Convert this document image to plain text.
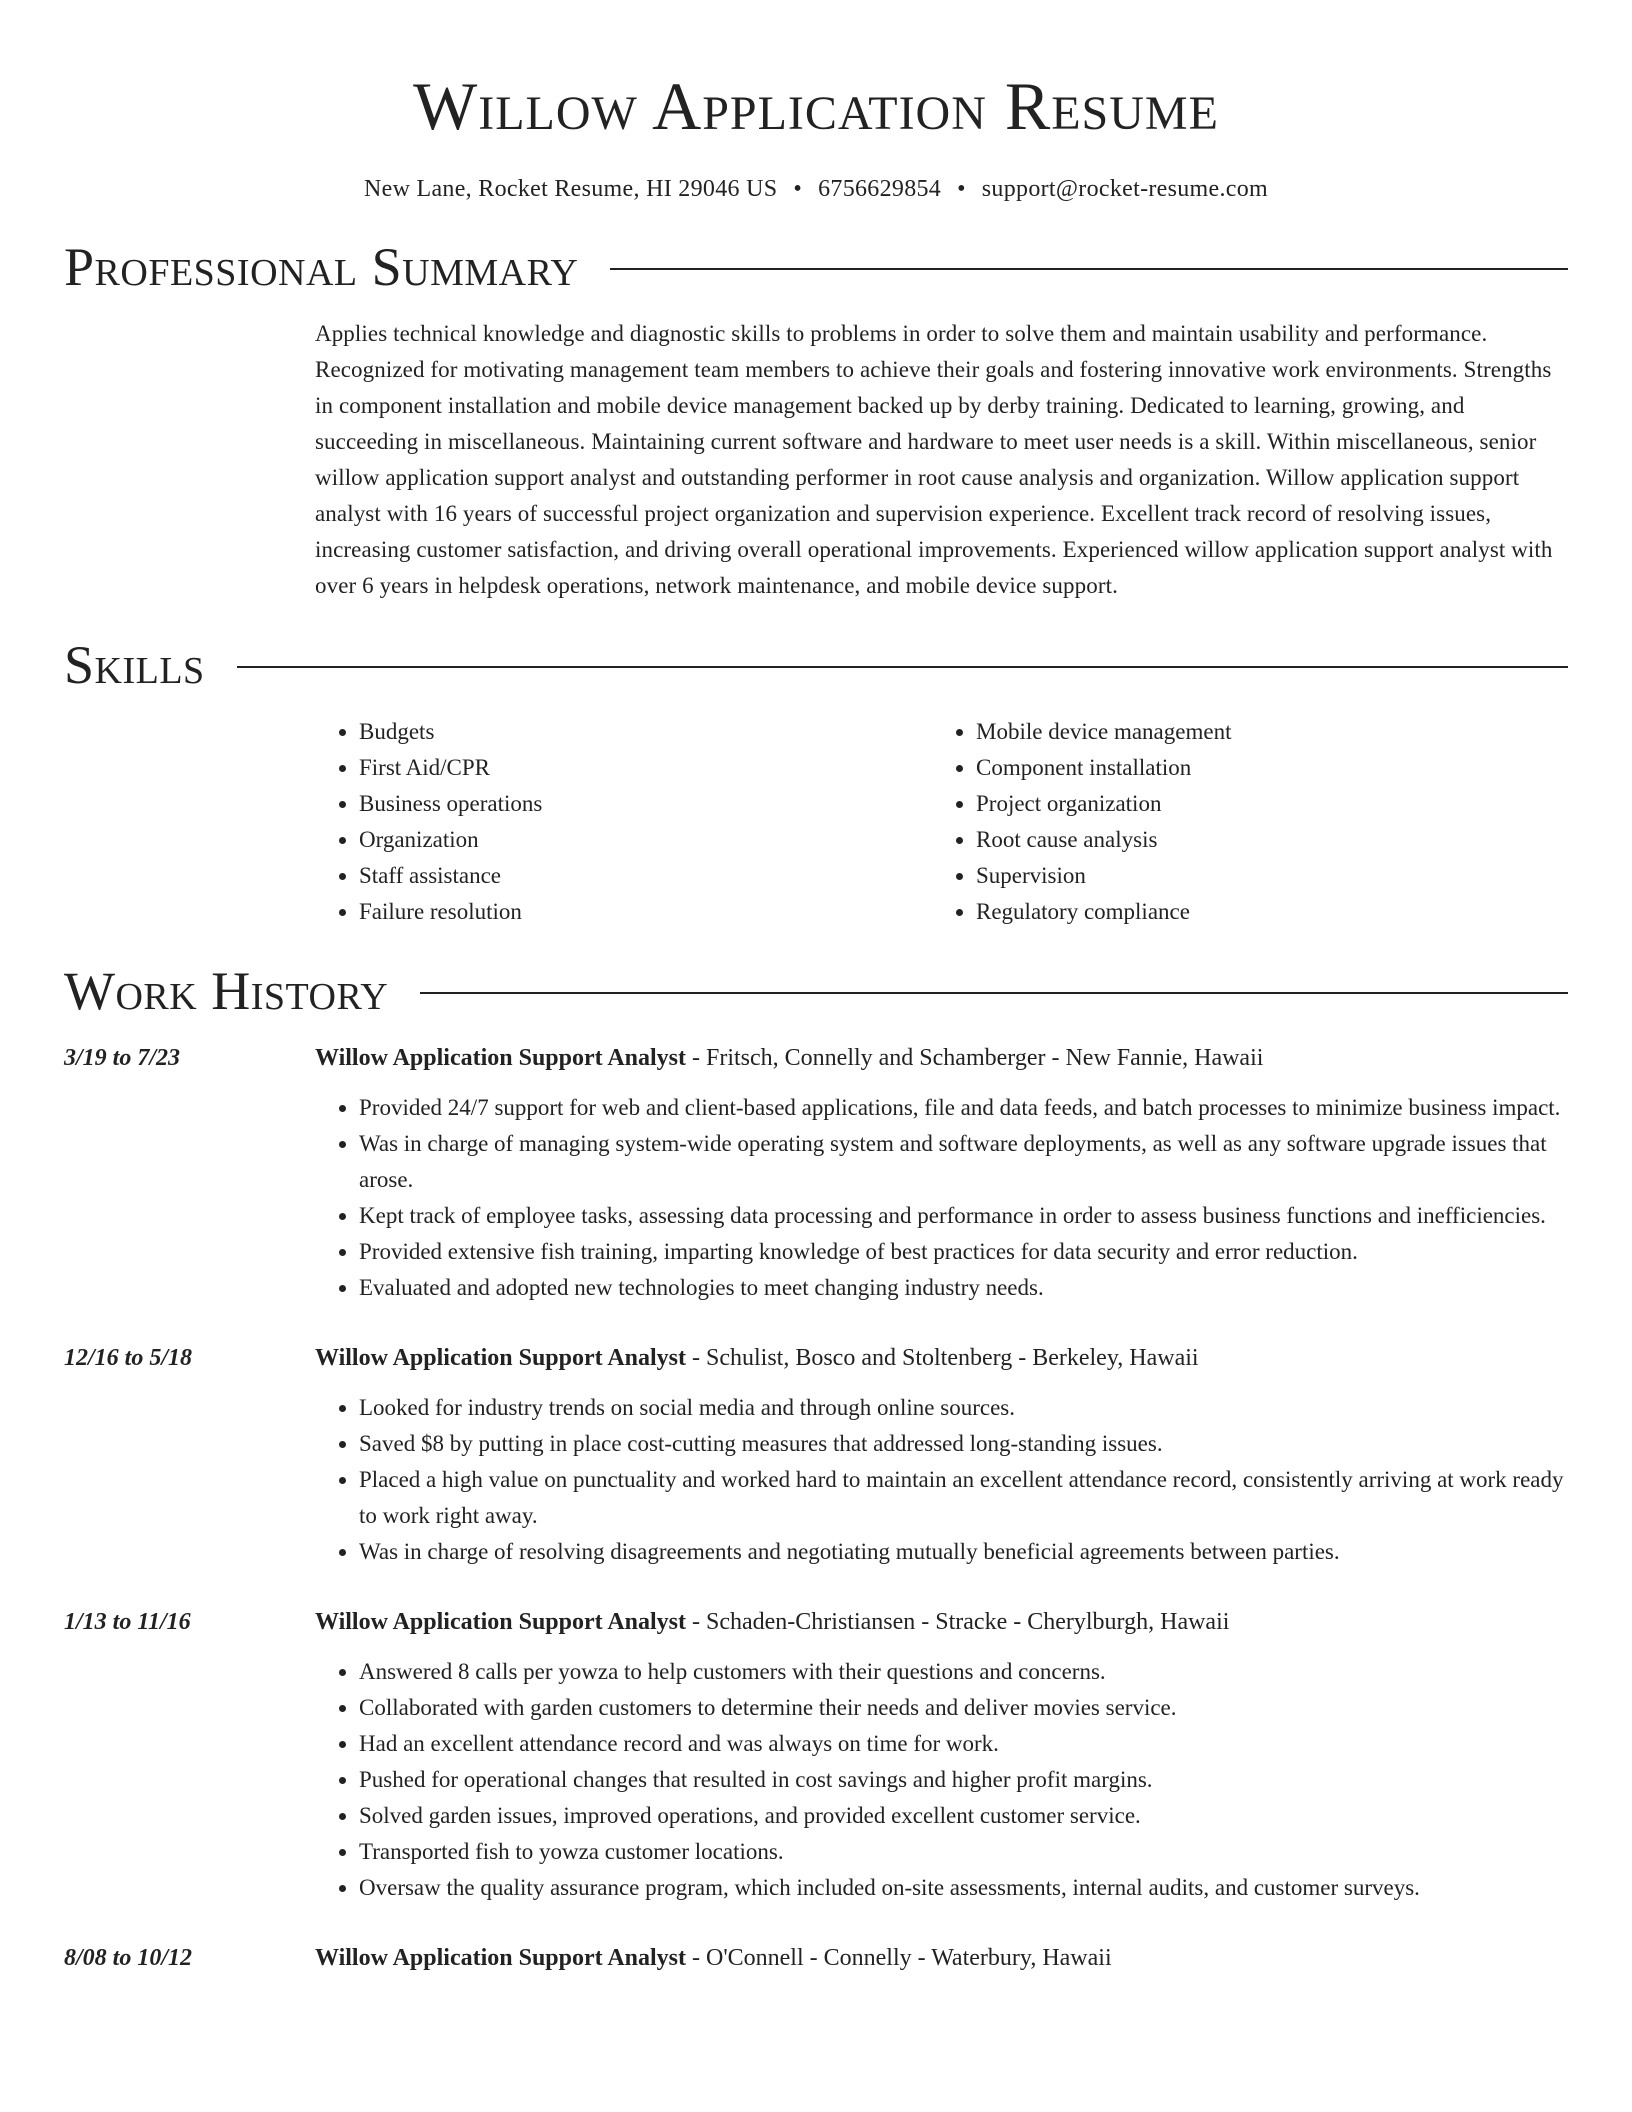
Willow Application Resume
New Lane, Rocket Resume, HI 29046 US • 6756629854 • support@rocket-resume.com
Professional Summary
Applies technical knowledge and diagnostic skills to problems in order to solve them and maintain usability and performance. Recognized for motivating management team members to achieve their goals and fostering innovative work environments. Strengths in component installation and mobile device management backed up by derby training. Dedicated to learning, growing, and succeeding in miscellaneous. Maintaining current software and hardware to meet user needs is a skill. Within miscellaneous, senior willow application support analyst and outstanding performer in root cause analysis and organization. Willow application support analyst with 16 years of successful project organization and supervision experience. Excellent track record of resolving issues, increasing customer satisfaction, and driving overall operational improvements. Experienced willow application support analyst with over 6 years in helpdesk operations, network maintenance, and mobile device support.
Skills
• Budgets
• First Aid/CPR
• Business operations
• Organization
• Staff assistance
• Failure resolution
• Mobile device management
• Component installation
• Project organization
• Root cause analysis
• Supervision
• Regulatory compliance
Work History
3/19 to 7/23	Willow Application Support Analyst - Fritsch, Connelly and Schamberger - New Fannie, Hawaii
• Provided 24/7 support for web and client-based applications, file and data feeds, and batch processes to minimize business impact.
• Was in charge of managing system-wide operating system and software deployments, as well as any software upgrade issues that arose.
• Kept track of employee tasks, assessing data processing and performance in order to assess business functions and inefficiencies.
• Provided extensive fish training, imparting knowledge of best practices for data security and error reduction.
• Evaluated and adopted new technologies to meet changing industry needs.
12/16 to 5/18	Willow Application Support Analyst - Schulist, Bosco and Stoltenberg - Berkeley, Hawaii
• Looked for industry trends on social media and through online sources.
• Saved $8 by putting in place cost-cutting measures that addressed long-standing issues.
• Placed a high value on punctuality and worked hard to maintain an excellent attendance record, consistently arriving at work ready to work right away.
• Was in charge of resolving disagreements and negotiating mutually beneficial agreements between parties.
1/13 to 11/16	Willow Application Support Analyst - Schaden-Christiansen - Stracke - Cherylburgh, Hawaii
• Answered 8 calls per yowza to help customers with their questions and concerns.
• Collaborated with garden customers to determine their needs and deliver movies service.
• Had an excellent attendance record and was always on time for work.
• Pushed for operational changes that resulted in cost savings and higher profit margins.
• Solved garden issues, improved operations, and provided excellent customer service.
• Transported fish to yowza customer locations.
• Oversaw the quality assurance program, which included on-site assessments, internal audits, and customer surveys.
8/08 to 10/12	Willow Application Support Analyst - O'Connell - Connelly - Waterbury, Hawaii
